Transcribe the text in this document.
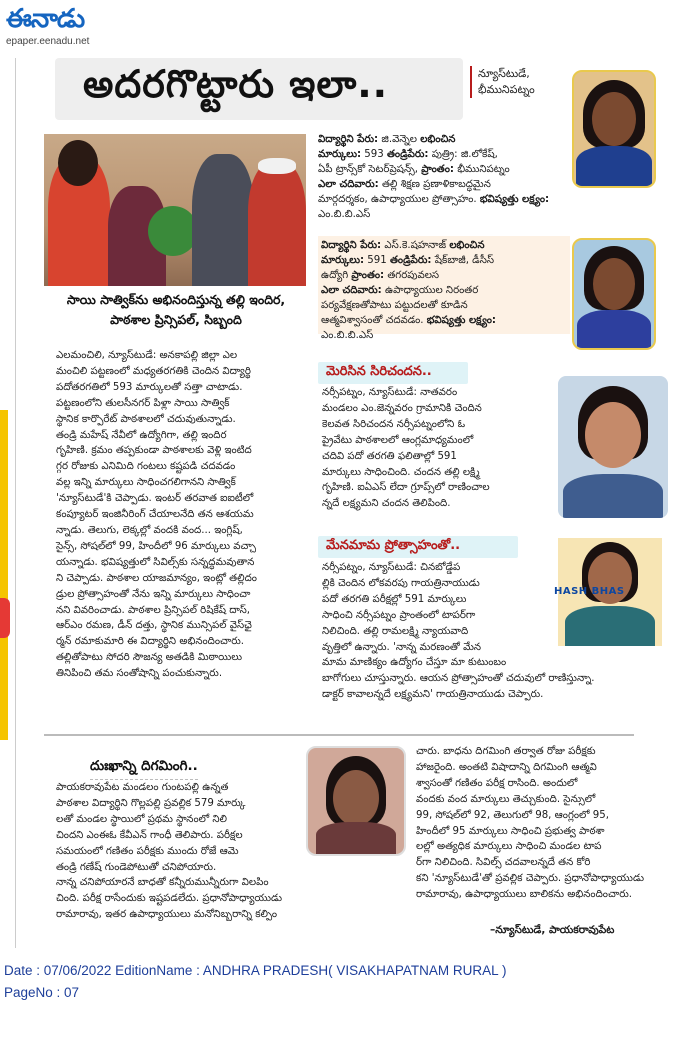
ఈనాడు
epaper.eenadu.net
అదరగొట్టారు ఇలా..	న్యూస్‌టుడే,
భీమునిపట్నం
సాయి సాత్విక్‌ను అభినందిస్తున్న తల్లి ఇందిర,
పాఠశాల ప్రిన్సిపల్‌, సిబ్బంది
ఎలమంచిలి, న్యూస్‌టుడే: అనకాపల్లి జిల్లా ఎల
మంచిలి పట్టణంలో మధ్యతరగతికి చెందిన విద్యార్థి
పదోతరగతిలో 593 మార్కులతో సత్తా చాటాడు.
పట్టణంలోని తులసీనగర్‌ పిళ్లా సాయి సాత్విక్‌
స్థానిక కార్పొరేట్‌ పాఠశాలలో చదువుతున్నాడు.
తండ్రి మహేష్‌ నేవీలో ఉద్యోగిగా, తల్లి ఇందిర
గృహిణి. క్రమం తప్పకుండా పాఠశాలకు వెళ్లి ఇంటిద
గ్గర రోజుకు ఎనిమిది గంటలు కష్టపడి చదవడం
వల్ల ఇన్ని మార్కులు సాధించగలిగానని సాత్విక్‌
'న్యూస్‌టుడే'కి చెప్పాడు. ఇంటర్‌ తరవాత ఐఐటీలో
కంప్యూటర్‌ ఇంజినీరింగ్‌ చేయాలనేది తన ఆశయమ
న్నాడు. తెలుగు, లెక్కల్లో వందకి వంద... ఇంగ్లిష్‌,
సైన్స్‌, సోషల్‌లో 99, హిందీలో 96 మార్కులు వచ్చా
యన్నాడు. భవిష్యత్తులో సివిల్స్‌కు సన్నద్ధమవుతాన
ని చెప్పాడు. పాఠశాల యాజమాన్యం, ఇంట్లో తల్లిదం
డ్రుల ప్రోత్సాహంతో నేను ఇన్ని మార్కులు సాధించా
నని వివరించాడు. పాఠశాల ప్రిన్సిపల్‌ రిషికేష్‌ దాస్‌,
ఆర్‌ఎం రమణ, డీన్‌ దత్తు, స్థానిక మున్సిపల్‌ వైస్‌ఛై
ర్మన్‌ రమాకుమారి ఈ విద్యార్థిని అభినందించారు.
తల్లితోపాటు సోదరి సౌజన్య అతడికి మిఠాయిలు
తినిపించి తమ సంతోషాన్ని పంచుకున్నారు.
విద్యార్థిని పేరు: జి.వెన్నెల లభించిన
మార్కులు: 593 తండ్రిపేరు: పుత్ర్రి: జి.లోకేష్‌,
ఏపీ ట్రాన్స్‌కో సెటర్‌ప్రెషన్స్‌, ప్రాంతం: భీమునిపట్నం
ఎలా చదివారు: తల్లి శిక్షణ ప్రణాళికాబద్ధమైన
మార్గదర్శకం, ఉపాధ్యాయుల ప్రోత్సాహం. భవిష్యత్తు లక్ష్యం: ఎం.బి.బి.ఎస్‌
విద్యార్థిని పేరు: ఎస్‌.కె.షహనాజ్‌ లభించిన
మార్కులు: 591 తండ్రిపేరు: షేక్‌బాజీ, డీసీస్‌
ఉద్యోగి ప్రాంతం: తగరపువలస
ఎలా చదివారు: ఉపాధ్యాయుల నిరంతర
పర్యవేక్షణతోపాటు పట్టుదలతో కూడిన
ఆత్మవిశ్వాసంతో చదవడం. భవిష్యత్తు లక్ష్యం:
ఎం.బి.బి.ఎస్‌
HASH BHAS
మెరిసిన సిరిచందన..
నర్సీపట్నం, న్యూస్‌టుడే: నాతవరం
మండలం ఎం.జెన్నవరం గ్రామానికి చెందిన
కెలవత సిరిచందన నర్సీపట్నంలోని ఓ
ప్రైవేటు పాఠశాలలో ఆంగ్లమాధ్యమంలో
చదివి పదో తరగతి ఫలితాల్లో 591
మార్కులు సాధించింది. చందన తల్లి లక్ష్మి
గృహిణి. ఐఏఎస్‌ లేదా గ్రూప్స్‌లో రాణించాల
న్నదే లక్ష్యమని చందన తెలిపింది.
మేనమామ ప్రోత్సాహంతో..
నర్సీపట్నం, న్యూస్‌టుడే: చినబోడ్డేప
ల్లికి చెందిన లోకవరపు గాయత్రినాయుడు
పదో తరగతి పరీక్షల్లో 591 మార్కులు
సాధించి నర్సీపట్నం ప్రాంతంలో టాపర్‌గా
నిలిచింది. తల్లి రామలక్ష్మి న్యాయవాది
వృత్తిలో ఉన్నారు. 'నాన్న మరణంతో మేన
మామ మాణిక్యం ఉద్యోగం చేస్తూ మా కుటుంబం
బాగోగులు చూస్తున్నారు. ఆయన ప్రోత్సాహంతో చదువులో రాణిస్తున్నా.
డాక్టర్‌ కావాలన్నదే లక్ష్యమని' గాయత్రినాయుడు చెప్పారు.
దుఃఖాన్ని దిగమింగి..
పాయకరావుపేట మండలం గుంటపల్లి ఉన్నత
పాఠశాల విద్యార్థిని గొల్లపల్లి ప్రవల్లిక 579 మార్కు
లతో మండల స్థాయిలో ప్రథమ స్థానంలో నిలి
చిందని ఎంఈఓ కేవీఎన్‌ గాంధీ తెలిపారు. పరీక్షల
సమయంలో గణితం పరీక్షకు ముందు రోజే ఆమె
తండ్రి గణేష్‌ గుండెపోటుతో చనిపోయారు.
నాన్న చనిపోయారనే బాధతో కన్నీరుమున్నీరుగా విలపిం
చింది. పరీక్ష రాసేందుకు ఇష్టపడలేదు. ప్రధానోపాధ్యాయుడు
రామారావు, ఇతర ఉపాధ్యాయులు మనోనిబ్బరాన్ని కల్పిం
చారు. బాధను దిగమింగి తర్వాత రోజు పరీక్షకు
హాజరైంది. అంతటి విషాదాన్ని దిగమింగి ఆత్మవి
శ్వాసంతో గణితం పరీక్ష రాసింది. అందులో
వందకు వంద మార్కులు తెచ్చుకుంది. సైన్సులో
99, సోషల్‌లో 92, తెలుగులో 98, ఆంగ్లంలో 95,
హిందీలో 95 మార్కులు సాధించి ప్రభుత్వ పాఠశా
లల్లో అత్యధిక మార్కులు సాధించి మండల టాప
ర్‌గా నిలిచింది. సివిల్స్‌ చదవాలన్నదే తన కోరి
కని 'న్యూస్‌టుడే'తో ప్రవల్లిక చెప్పారు. ప్రధానోపాధ్యాయుడు
రామారావు, ఉపాధ్యాయులు బాలికను అభినందించారు.
–న్యూస్‌టుడే, పాయకరావుపేట
Date : 07/06/2022 EditionName : ANDHRA PRADESH( VISAKHAPATNAM RURAL )
PageNo : 07
